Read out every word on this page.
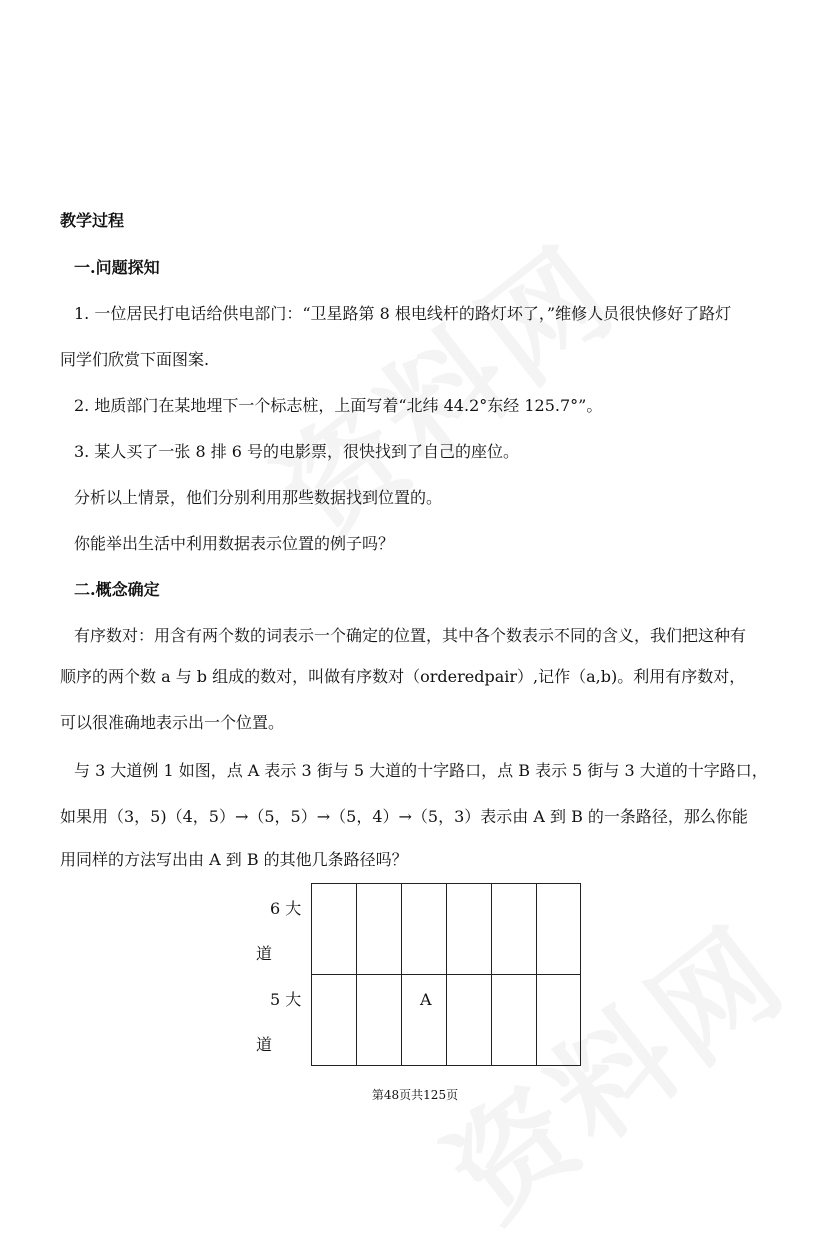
教学过程
一.问题探知
1. 一位居民打电话给供电部门：“卫星路第 8 根电线杆的路灯坏了，”维修人员很快修好了路灯
同学们欣赏下面图案.
2. 地质部门在某地埋下一个标志桩，上面写着“北纬 44.2°东经 125.7°”。
3. 某人买了一张 8 排 6 号的电影票，很快找到了自己的座位。
分析以上情景，他们分别利用那些数据找到位置的。
你能举出生活中利用数据表示位置的例子吗？
二.概念确定
有序数对：用含有两个数的词表示一个确定的位置，其中各个数表示不同的含义，我们把这种有
顺序的两个数 a 与 b 组成的数对，叫做有序数对（orderedpair）,记作（a,b)。利用有序数对，
可以很准确地表示出一个位置。
与 3 大道例 1 如图，点 A 表示 3 街与 5 大道的十字路口，点 B 表示 5 街与 3 大道的十字路口，
如果用（3，5)（4，5）→（5，5）→（5，4）→（5，3）表示由 A 到 B 的一条路径，那么你能
用同样的方法写出由 A 到 B 的其他几条路径吗？
6 大
道
5 大
道
A
第48页共125页
